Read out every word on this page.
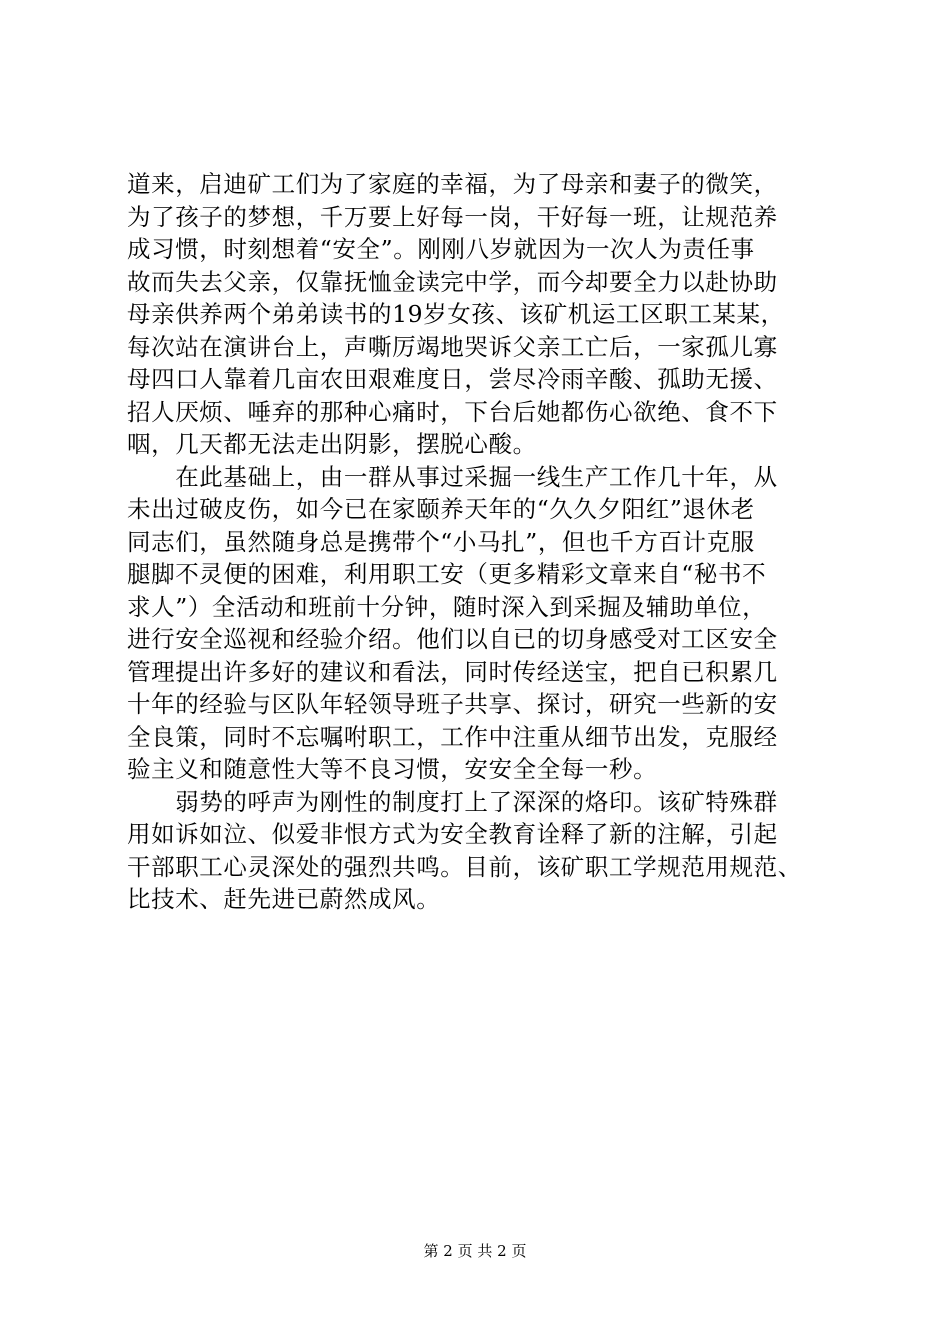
道来，启迪矿工们为了家庭的幸福，为了母亲和妻子的微笑，
为了孩子的梦想，千万要上好每一岗，干好每一班，让规范养
成习惯，时刻想着“安全”。刚刚八岁就因为一次人为责任事
故而失去父亲，仅靠抚恤金读完中学，而今却要全力以赴协助
母亲供养两个弟弟读书的19岁女孩、该矿机运工区职工某某，
每次站在演讲台上，声嘶厉竭地哭诉父亲工亡后，一家孤儿寡
母四口人靠着几亩农田艰难度日，尝尽冷雨辛酸、孤助无援、
招人厌烦、唾弃的那种心痛时，下台后她都伤心欲绝、食不下
咽，几天都无法走出阴影，摆脱心酸。
　　在此基础上，由一群从事过采掘一线生产工作几十年，从
未出过破皮伤，如今已在家颐养天年的“久久夕阳红”退休老
同志们，虽然随身总是携带个“小马扎”，但也千方百计克服
腿脚不灵便的困难，利用职工安（更多精彩文章来自“秘书不
求人”）全活动和班前十分钟，随时深入到采掘及辅助单位，
进行安全巡视和经验介绍。他们以自已的切身感受对工区安全
管理提出许多好的建议和看法，同时传经送宝，把自已积累几
十年的经验与区队年轻领导班子共享、探讨，研究一些新的安
全良策，同时不忘嘱咐职工，工作中注重从细节出发，克服经
验主义和随意性大等不良习惯，安安全全每一秒。
　　弱势的呼声为刚性的制度打上了深深的烙印。该矿特殊群
用如诉如泣、似爱非恨方式为安全教育诠释了新的注解，引起
干部职工心灵深处的强烈共鸣。目前，该矿职工学规范用规范、
比技术、赶先进已蔚然成风。
第 2 页 共 2 页
